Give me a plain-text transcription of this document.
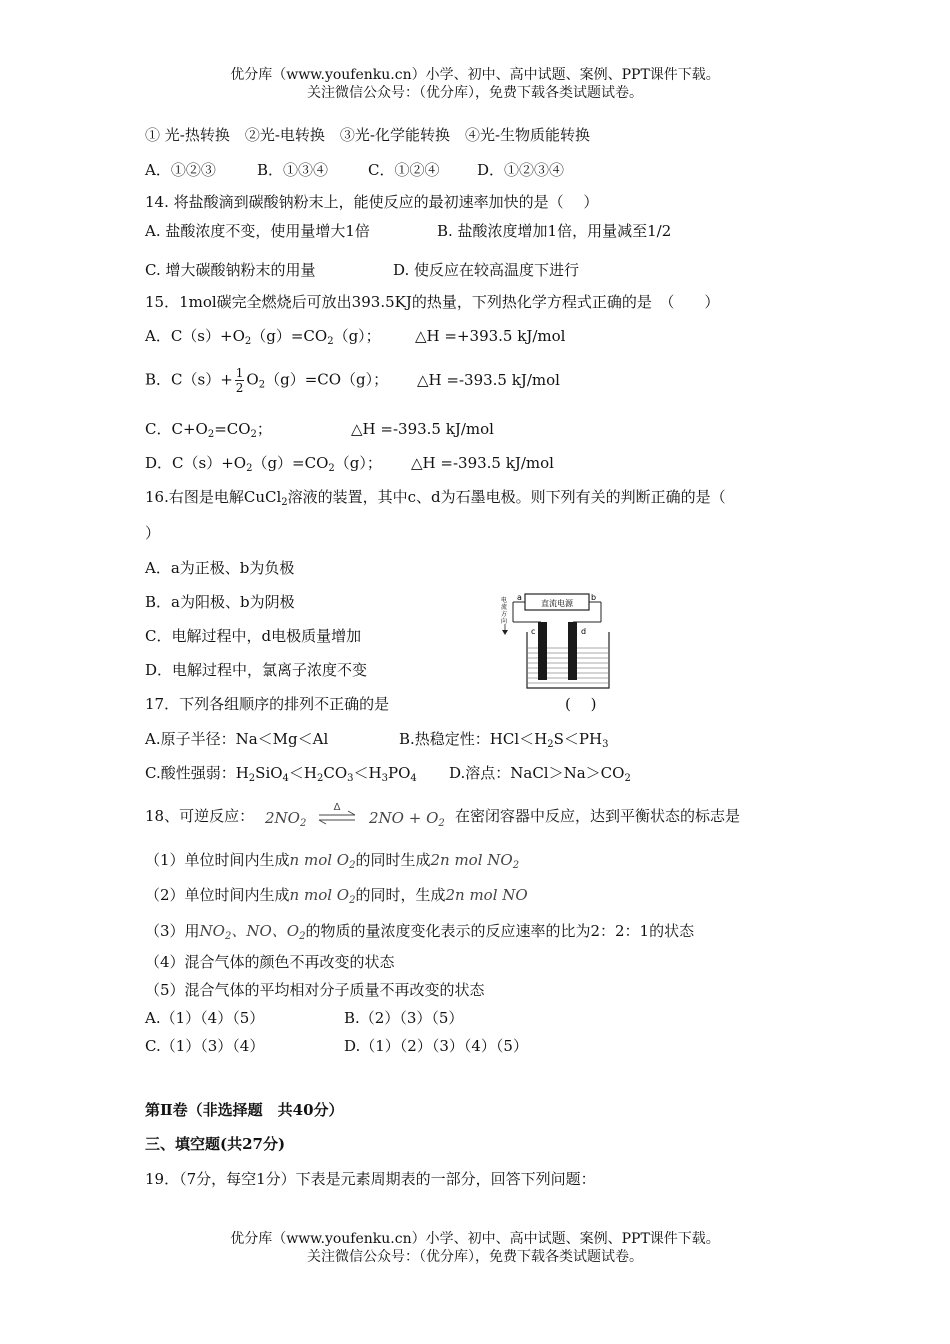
优分库（www.youfenku.cn）小学、初中、高中试题、案例、PPT课件下载。
关注微信公众号：（优分库），免费下载各类试题试卷。
① 光-热转换　②光-电转换　③光-化学能转换　④光-生物质能转换
A．①②③	B．①③④	C．①②④	D．①②③④
14. 将盐酸滴到碳酸钠粉末上，能使反应的最初速率加快的是（　 ）
A. 盐酸浓度不变，使用量增大1倍	B. 盐酸浓度增加1倍，用量减至1/2
C. 增大碳酸钠粉末的用量	D. 使反应在较高温度下进行
15．1mol碳完全燃烧后可放出393.5KJ的热量，下列热化学方程式正确的是　（　　）
A．$C(s)+O_2(g)=CO_2(g)$； △H =+393.5 kJ/mol
B．$C(s)+ \frac{1}{2} O_2(g)=CO(g)$； △H =-393.5 kJ/mol
C．$C+O_2=CO_2$；	△H =-393.5 kJ/mol
D．$C(s)+O_2(g)=CO_2(g)$； △H =-393.5 kJ/mol
16.右图是电解CuCl$_2$溶液的装置，其中c、d为石墨电极。则下列有关的判断正确的是（
）
A．a为正极、b为负极
B．a为阳极、b为阴极
C．电解过程中，d电极质量增加
D．电解过程中，氯离子浓度不变
直流电源
a	b
c	d
电
流
方
向
17．下列各组顺序的排列不正确的是	(　 )
A.原子半径：Na＜Mg＜Al	B.热稳定性：$HCl<H_2S<PH_3$
C.酸性强弱：$H_2SiO_4<H_2CO_3<H_3PO_4$ D.溶点：$NaCl>Na>CO_2$
18、可逆反应： $2NO_2$
Δ
$2NO + O_2$ 在密闭容器中反应，达到平衡状态的标志是
（1）单位时间内生成n mol $O_2$的同时生成2n mol $NO_2$
（2）单位时间内生成n mol $O_2$的同时，生成2n mol NO
（3）用$NO_2$、NO、$O_2$的物质的量浓度变化表示的反应速率的比为2：2：1的状态
（4）混合气体的颜色不再改变的状态
（5）混合气体的平均相对分子质量不再改变的状态
A.（1）（4）（5）	B.（2）（3）（5）
C.（1）（3）（4）	D.（1）（2）（3）（4）（5）
第Ⅱ卷（非选择题　共40分）
三、填空题(共27分)
19．（7分，每空1分）下表是元素周期表的一部分，回答下列问题：
优分库（www.youfenku.cn）小学、初中、高中试题、案例、PPT课件下载。
关注微信公众号：（优分库），免费下载各类试题试卷。
